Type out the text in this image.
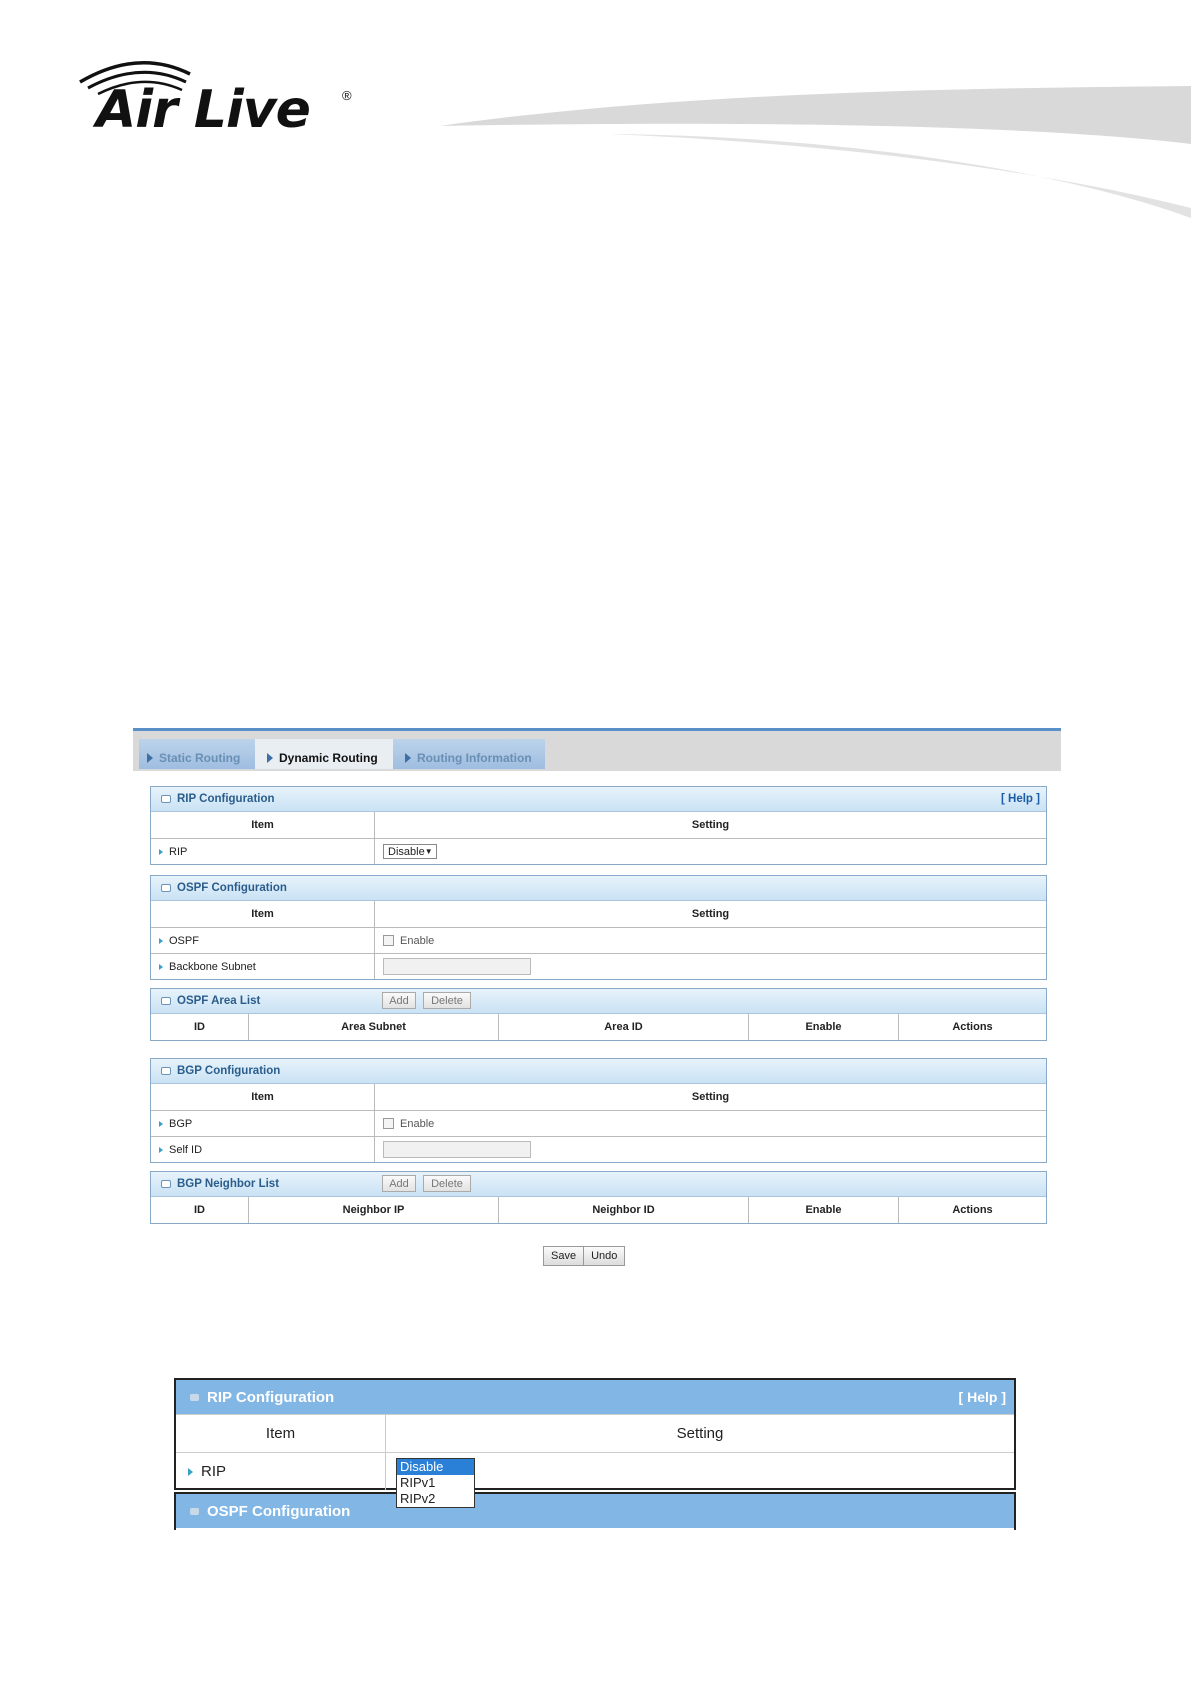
Air Live ®
Static Routing	Dynamic Routing	Routing Information
RIP Configuration	[ Help ]
Item	Setting
RIP	Disable ▼
OSPF Configuration
Item	Setting
OSPF	Enable
Backbone Subnet
OSPF Area List	Add	Delete
ID	Area Subnet	Area ID	Enable	Actions
BGP Configuration
Item	Setting
BGP	Enable
Self ID
BGP Neighbor List	Add	Delete
ID	Neighbor IP	Neighbor ID	Enable	Actions
Save	Undo
RIP Configuration	[ Help ]
Item	Setting
RIP	Disable
RIPv1
RIPv2
OSPF Configuration
